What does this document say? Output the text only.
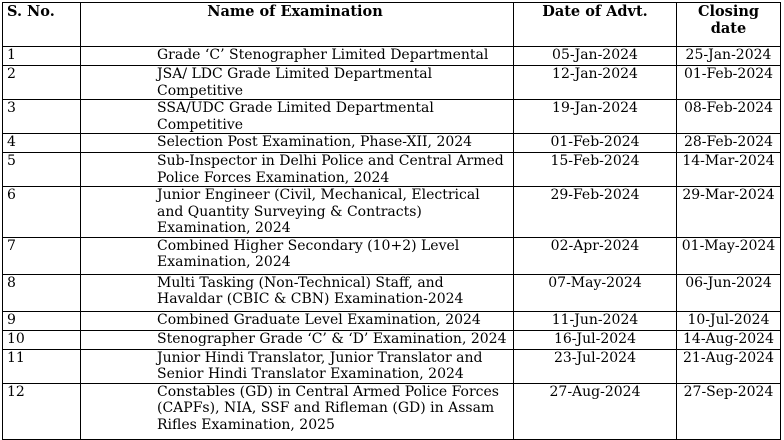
S. No.	Name of Examination	Date of Advt.	Closing date
1	Grade ‘C’ Stenographer Limited Departmental	05-Jan-2024	25-Jan-2024
2	JSA/ LDC Grade Limited Departmental Competitive	12-Jan-2024	01-Feb-2024
3	SSA/UDC Grade Limited Departmental Competitive	19-Jan-2024	08-Feb-2024
4	Selection Post Examination, Phase-XII, 2024	01-Feb-2024	28-Feb-2024
5	Sub-Inspector in Delhi Police and Central Armed Police Forces Examination, 2024	15-Feb-2024	14-Mar-2024
6	Junior Engineer (Civil, Mechanical, Electrical and Quantity Surveying & Contracts) Examination, 2024	29-Feb-2024	29-Mar-2024
7	Combined Higher Secondary (10+2) Level Examination, 2024	02-Apr-2024	01-May-2024
8	Multi Tasking (Non-Technical) Staff, and Havaldar (CBIC & CBN) Examination-2024	07-May-2024	06-Jun-2024
9	Combined Graduate Level Examination, 2024	11-Jun-2024	10-Jul-2024
10	Stenographer Grade ‘C’ & ‘D’ Examination, 2024	16-Jul-2024	14-Aug-2024
11	Junior Hindi Translator, Junior Translator and Senior Hindi Translator Examination, 2024	23-Jul-2024	21-Aug-2024
12	Constables (GD) in Central Armed Police Forces (CAPFs), NIA, SSF and Rifleman (GD) in Assam Rifles Examination, 2025	27-Aug-2024	27-Sep-2024
